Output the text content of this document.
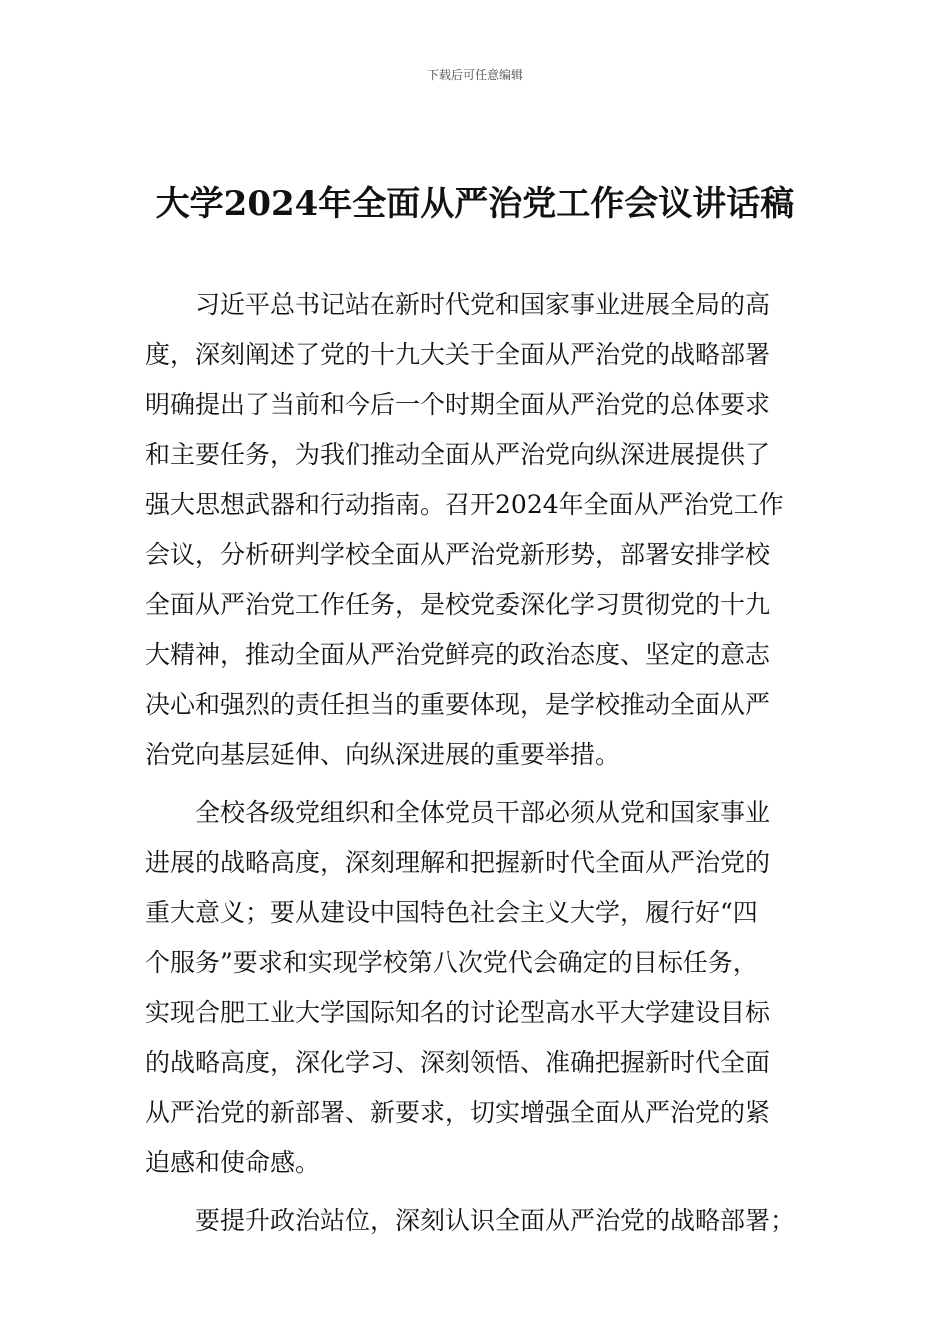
下载后可任意编辑
大学2024年全面从严治党工作会议讲话稿
习近平总书记站在新时代党和国家事业进展全局的高
度，深刻阐述了党的十九大关于全面从严治党的战略部署
明确提出了当前和今后一个时期全面从严治党的总体要求
和主要任务，为我们推动全面从严治党向纵深进展提供了
强大思想武器和行动指南。召开2024年全面从严治党工作
会议，分析研判学校全面从严治党新形势，部署安排学校
全面从严治党工作任务，是校党委深化学习贯彻党的十九
大精神，推动全面从严治党鲜亮的政治态度、坚定的意志
决心和强烈的责任担当的重要体现，是学校推动全面从严
治党向基层延伸、向纵深进展的重要举措。
全校各级党组织和全体党员干部必须从党和国家事业
进展的战略高度，深刻理解和把握新时代全面从严治党的
重大意义；要从建设中国特色社会主义大学，履行好“四
个服务”要求和实现学校第八次党代会确定的目标任务，
实现合肥工业大学国际知名的讨论型高水平大学建设目标
的战略高度，深化学习、深刻领悟、准确把握新时代全面
从严治党的新部署、新要求，切实增强全面从严治党的紧
迫感和使命感。
要提升政治站位，深刻认识全面从严治党的战略部署；
